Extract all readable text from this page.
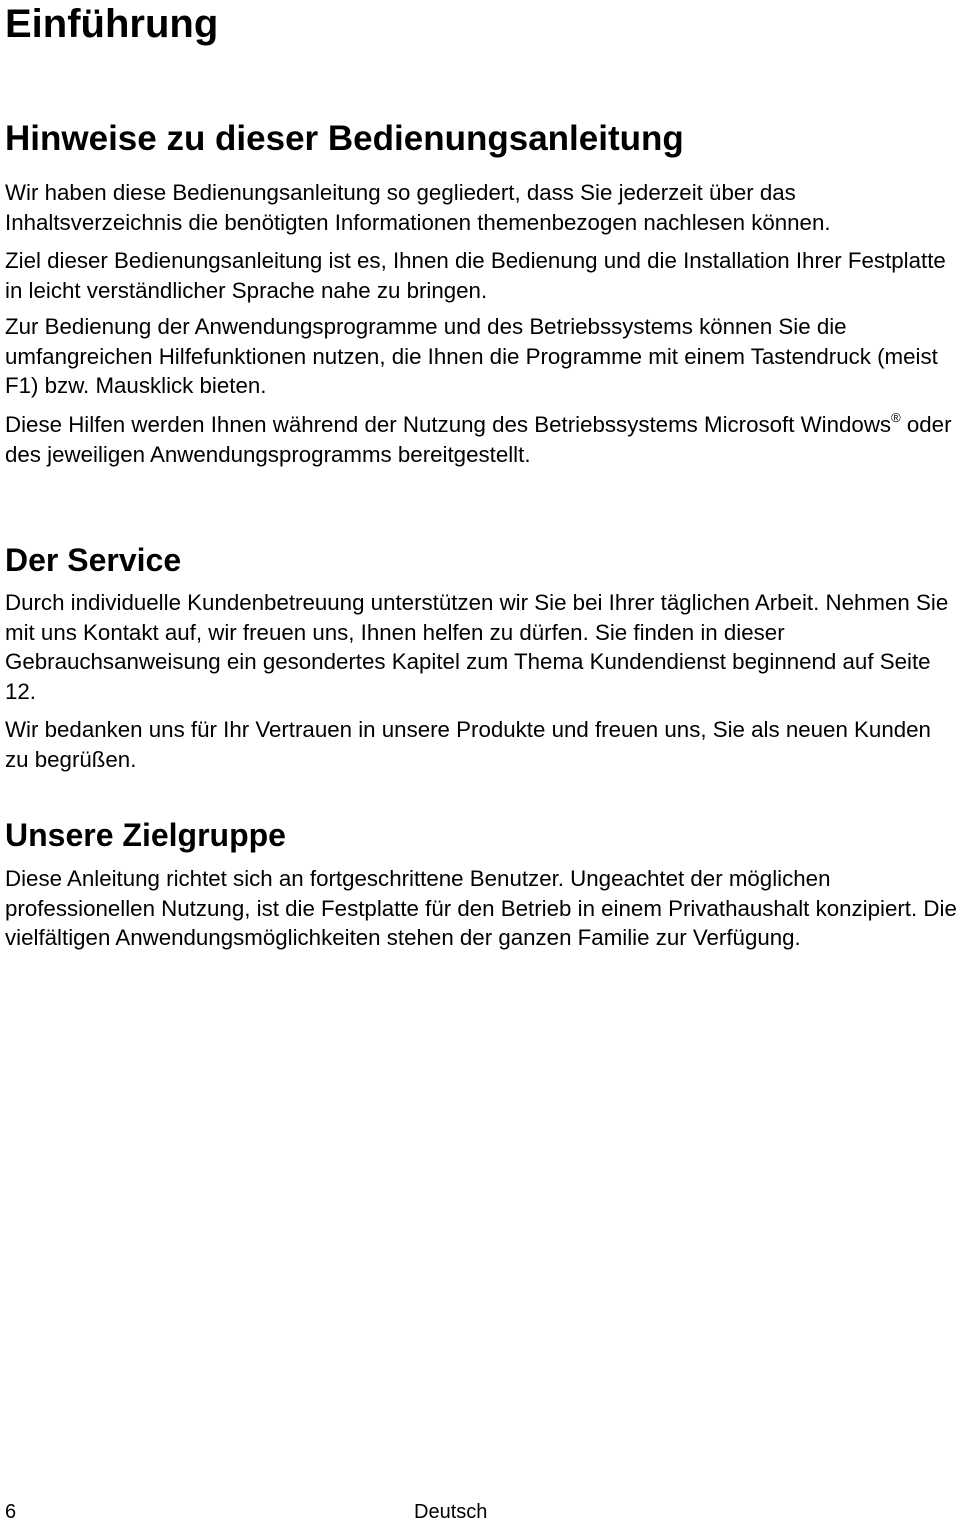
Einführung
Hinweise zu dieser Bedienungsanleitung

Wir haben diese Bedienungsanleitung so gegliedert, dass Sie jederzeit über das Inhaltsverzeichnis die benötigten Informationen themenbezogen nachlesen können.

Ziel dieser Bedienungsanleitung ist es, Ihnen die Bedienung und die Installation Ihrer Festplatte in leicht verständlicher Sprache nahe zu bringen.

Zur Bedienung der Anwendungsprogramme und des Betriebssystems können Sie die umfangreichen Hilfefunktionen nutzen, die Ihnen die Programme mit einem Tastendruck (meist F1) bzw. Mausklick bieten.

Diese Hilfen werden Ihnen während der Nutzung des Betriebssystems Microsoft Windows® oder des jeweiligen Anwendungsprogramms bereitgestellt.

Der Service

Durch individuelle Kundenbetreuung unterstützen wir Sie bei Ihrer täglichen Arbeit. Nehmen Sie mit uns Kontakt auf, wir freuen uns, Ihnen helfen zu dürfen. Sie finden in dieser Gebrauchsanweisung ein gesondertes Kapitel zum Thema Kundendienst beginnend auf Seite 12.

Wir bedanken uns für Ihr Vertrauen in unsere Produkte und freuen uns, Sie als neuen Kunden zu begrüßen.

Unsere Zielgruppe

Diese Anleitung richtet sich an fortgeschrittene Benutzer. Ungeachtet der möglichen professionellen Nutzung, ist die Festplatte für den Betrieb in einem Privathaushalt konzipiert. Die vielfältigen Anwendungsmöglichkeiten stehen der ganzen Familie zur Verfügung.

6	Deutsch
